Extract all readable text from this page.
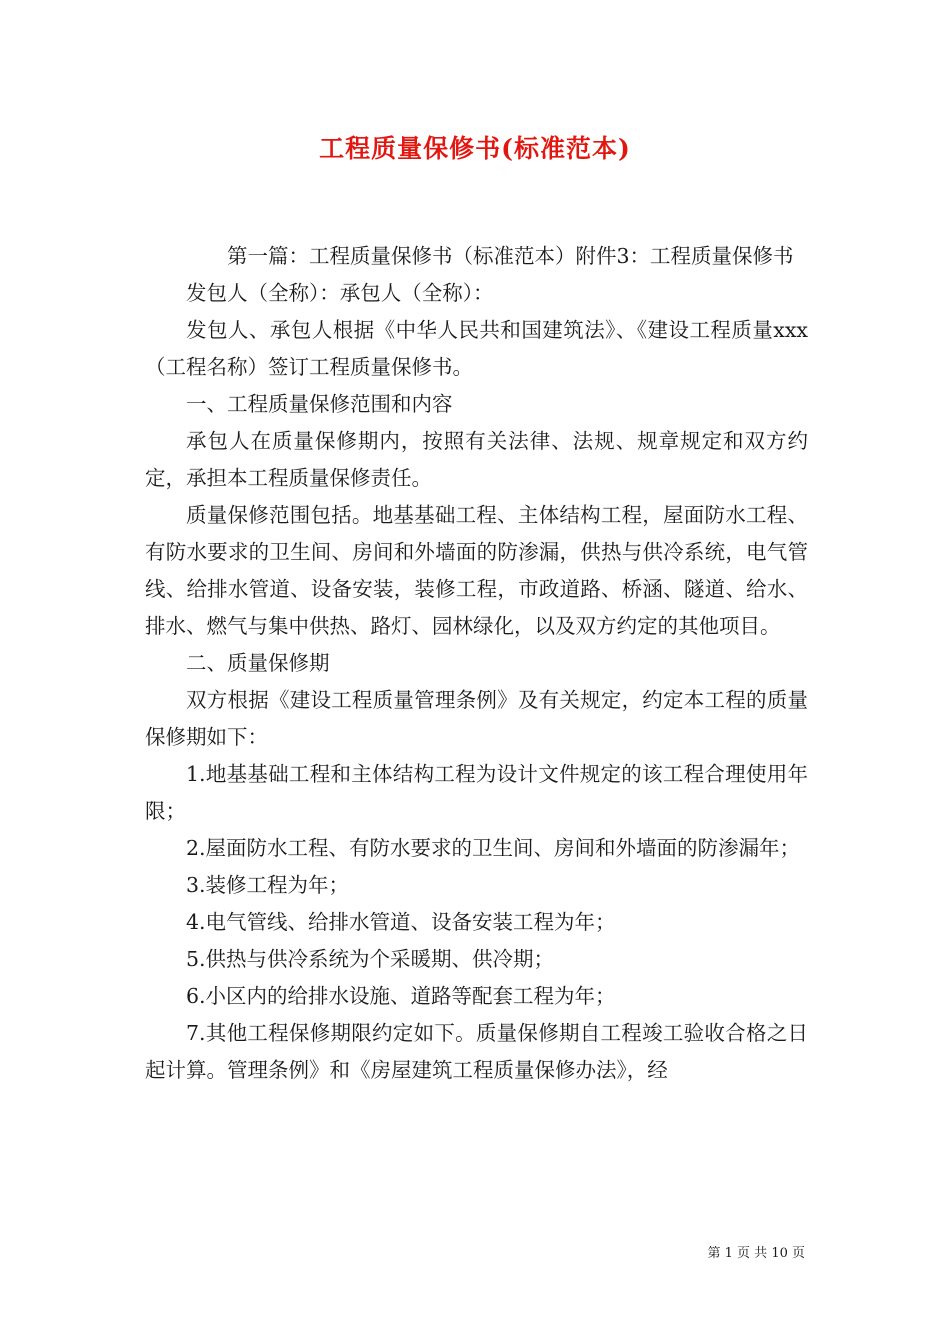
工程质量保修书(标准范本)

第一篇：工程质量保修书（标准范本）附件3：工程质量保修书

发包人（全称）：承包人（全称）：

发包人、承包人根据《中华人民共和国建筑法》、《建设工程质量xxx（工程名称）签订工程质量保修书。

一、工程质量保修范围和内容

承包人在质量保修期内，按照有关法律、法规、规章规定和双方约定，承担本工程质量保修责任。

质量保修范围包括。地基基础工程、主体结构工程，屋面防水工程、有防水要求的卫生间、房间和外墙面的防渗漏，供热与供冷系统，电气管线、给排水管道、设备安装，装修工程，市政道路、桥涵、隧道、给水、排水、燃气与集中供热、路灯、园林绿化，以及双方约定的其他项目。

二、质量保修期

双方根据《建设工程质量管理条例》及有关规定，约定本工程的质量保修期如下：

1.地基基础工程和主体结构工程为设计文件规定的该工程合理使用年限；

2.屋面防水工程、有防水要求的卫生间、房间和外墙面的防渗漏年；

3.装修工程为年；

4.电气管线、给排水管道、设备安装工程为年；

5.供热与供冷系统为个采暖期、供冷期；

6.小区内的给排水设施、道路等配套工程为年；

7.其他工程保修期限约定如下。质量保修期自工程竣工验收合格之日起计算。管理条例》和《房屋建筑工程质量保修办法》，经

第 1 页 共 10 页
